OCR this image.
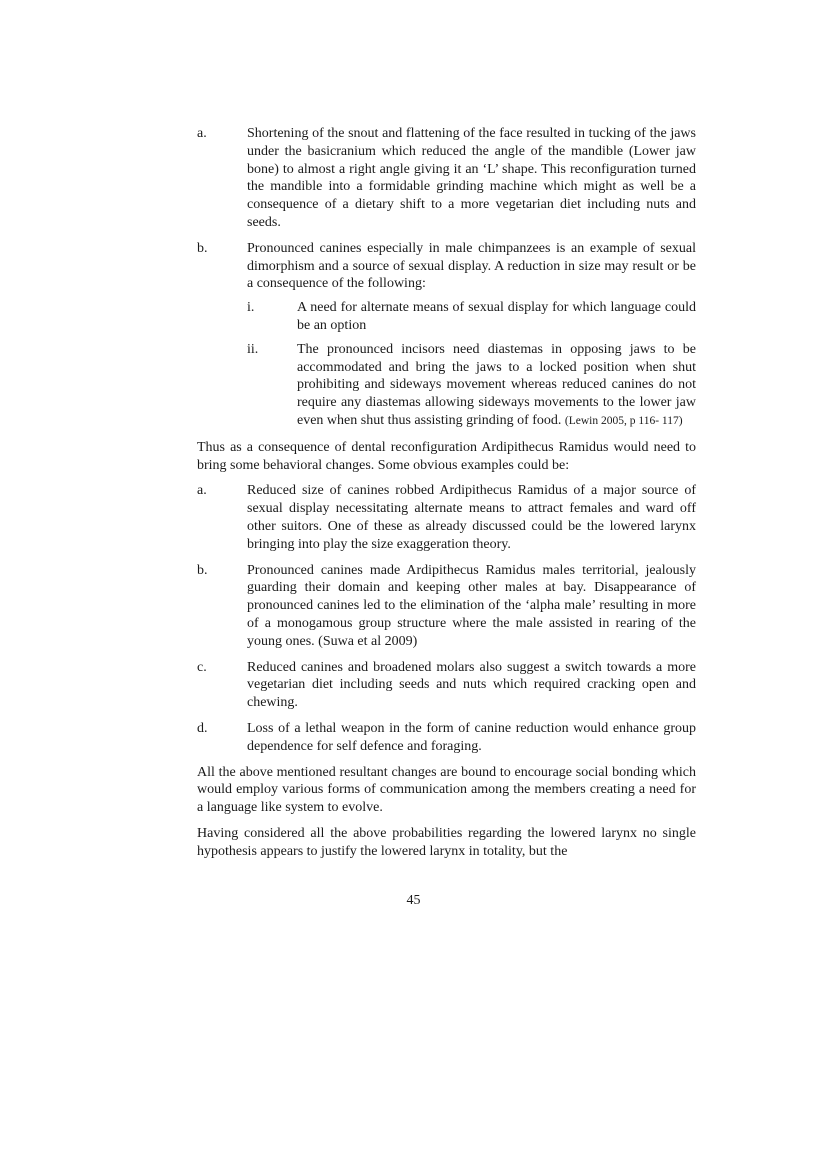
a.	Shortening of the snout and flattening of the face resulted in tucking of the jaws under the basicranium which reduced the angle of the mandible (Lower jaw bone) to almost a right angle giving it an ‘L’ shape. This reconfiguration turned the mandible into a formidable grinding machine which might as well be a consequence of a dietary shift to a more vegetarian diet including nuts and seeds.
b.	Pronounced canines especially in male chimpanzees is an example of sexual dimorphism and a source of sexual display. A reduction in size may result or be a consequence of the following:
i.	A need for alternate means of sexual display for which language could be an option
ii.	The pronounced incisors need diastemas in opposing jaws to be accommodated and bring the jaws to a locked position when shut prohibiting and sideways movement whereas reduced canines do not require any diastemas allowing sideways movements to the lower jaw even when shut thus assisting grinding of food. (Lewin 2005, p 116- 117)

Thus as a consequence of dental reconfiguration Ardipithecus Ramidus would need to bring some behavioral changes. Some obvious examples could be:

a.	Reduced size of canines robbed Ardipithecus Ramidus of a major source of sexual display necessitating alternate means to attract females and ward off other suitors. One of these as already discussed could be the lowered larynx bringing into play the size exaggeration theory.
b.	Pronounced canines made Ardipithecus Ramidus males territorial, jealously guarding their domain and keeping other males at bay. Disappearance of pronounced canines led to the elimination of the ‘alpha male’ resulting in more of a monogamous group structure where the male assisted in rearing of the young ones. (Suwa et al 2009)
c.	Reduced canines and broadened molars also suggest a switch towards a more vegetarian diet including seeds and nuts which required cracking open and chewing.
d.	Loss of a lethal weapon in the form of canine reduction would enhance group dependence for self defence and foraging.

All the above mentioned resultant changes are bound to encourage social bonding which would employ various forms of communication among the members creating a need for a language like system to evolve.

Having considered all the above probabilities regarding the lowered larynx no single hypothesis appears to justify the lowered larynx in totality, but the

45
